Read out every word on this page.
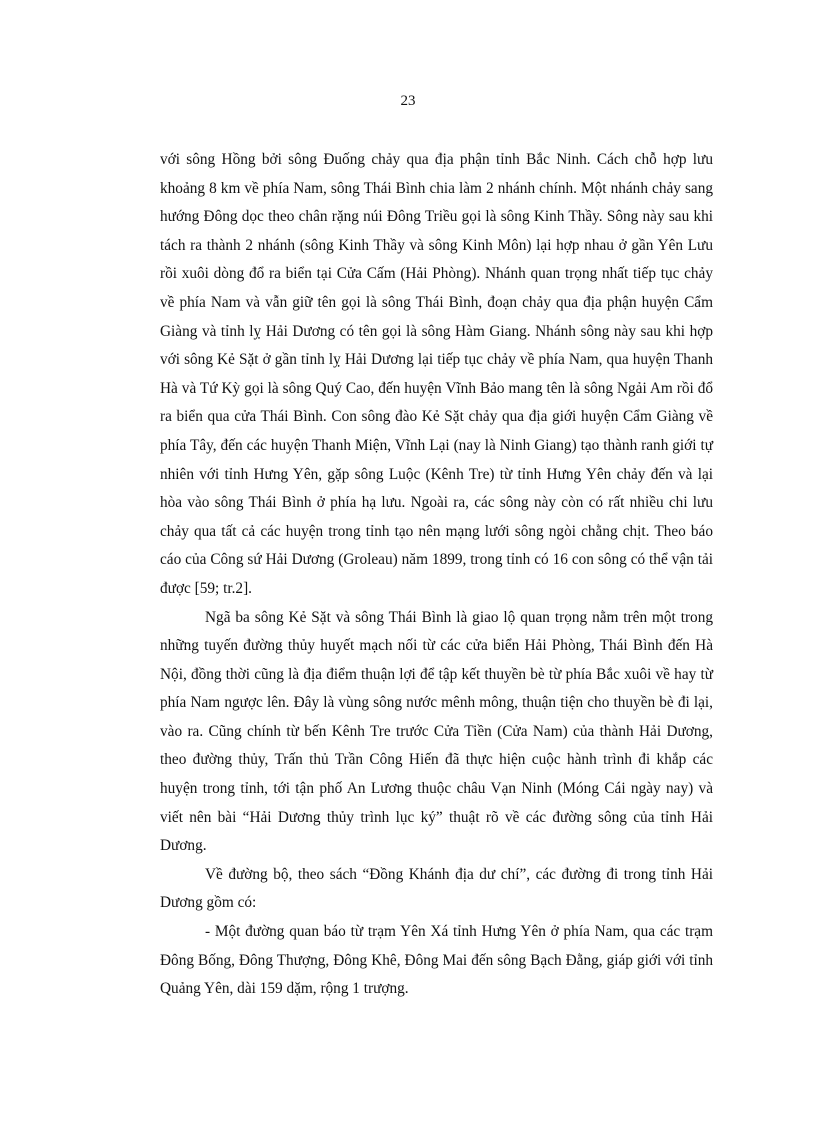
23

với sông Hồng bởi sông Đuống chảy qua địa phận tỉnh Bắc Ninh. Cách chỗ hợp lưu khoảng 8 km về phía Nam, sông Thái Bình chia làm 2 nhánh chính. Một nhánh chảy sang hướng Đông dọc theo chân rặng núi Đông Triều gọi là sông Kinh Thầy. Sông này sau khi tách ra thành 2 nhánh (sông Kinh Thầy và sông Kinh Môn) lại hợp nhau ở gần Yên Lưu rồi xuôi dòng đổ ra biển tại Cửa Cấm (Hải Phòng). Nhánh quan trọng nhất tiếp tục chảy về phía Nam và vẫn giữ tên gọi là sông Thái Bình, đoạn chảy qua địa phận huyện Cẩm Giàng và tỉnh lỵ Hải Dương có tên gọi là sông Hàm Giang. Nhánh sông này sau khi hợp với sông Kẻ Sặt ở gần tỉnh lỵ Hải Dương lại tiếp tục chảy về phía Nam, qua huyện Thanh Hà và Tứ Kỳ gọi là sông Quý Cao, đến huyện Vĩnh Bảo mang tên là sông Ngải Am rồi đổ ra biển qua cửa Thái Bình. Con sông đào Kẻ Sặt chảy qua địa giới huyện Cẩm Giàng về phía Tây, đến các huyện Thanh Miện, Vĩnh Lại (nay là Ninh Giang) tạo thành ranh giới tự nhiên với tỉnh Hưng Yên, gặp sông Luộc (Kênh Tre) từ tỉnh Hưng Yên chảy đến và lại hòa vào sông Thái Bình ở phía hạ lưu. Ngoài ra, các sông này còn có rất nhiều chi lưu chảy qua tất cả các huyện trong tỉnh tạo nên mạng lưới sông ngòi chằng chịt. Theo báo cáo của Công sứ Hải Dương (Groleau) năm 1899, trong tỉnh có 16 con sông có thể vận tải được [59; tr.2].

Ngã ba sông Kẻ Sặt và sông Thái Bình là giao lộ quan trọng nằm trên một trong những tuyến đường thủy huyết mạch nối từ các cửa biển Hải Phòng, Thái Bình đến Hà Nội, đồng thời cũng là địa điểm thuận lợi để tập kết thuyền bè từ phía Bắc xuôi về hay từ phía Nam ngược lên. Đây là vùng sông nước mênh mông, thuận tiện cho thuyền bè đi lại, vào ra. Cũng chính từ bến Kênh Tre trước Cửa Tiền (Cửa Nam) của thành Hải Dương, theo đường thủy, Trấn thủ Trần Công Hiến đã thực hiện cuộc hành trình đi khắp các huyện trong tỉnh, tới tận phố An Lương thuộc châu Vạn Ninh (Móng Cái ngày nay) và viết nên bài “Hải Dương thủy trình lục ký” thuật rõ về các đường sông của tỉnh Hải Dương.

Về đường bộ, theo sách “Đồng Khánh địa dư chí”, các đường đi trong tỉnh Hải Dương gồm có:

- Một đường quan báo từ trạm Yên Xá tỉnh Hưng Yên ở phía Nam, qua các trạm Đông Bống, Đông Thượng, Đông Khê, Đông Mai đến sông Bạch Đằng, giáp giới với tỉnh Quảng Yên, dài 159 dặm, rộng 1 trượng.
